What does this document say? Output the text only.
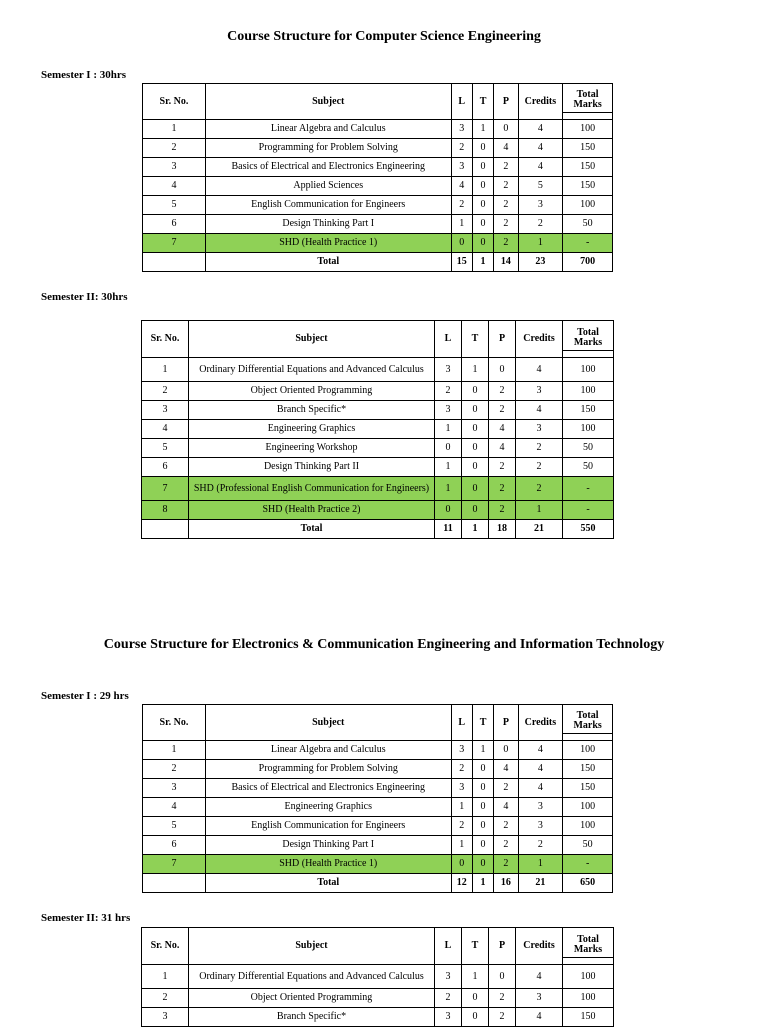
Course Structure for Computer Science Engineering
Semester I : 30hrs
Sr. No.	Subject	L	T	P	Credits	Total
Marks

1	Linear Algebra and Calculus	3	1	0	4	100
2	Programming for Problem Solving	2	0	4	4	150
3	Basics of Electrical and Electronics Engineering	3	0	2	4	150
4	Applied Sciences	4	0	2	5	150
5	English Communication for Engineers	2	0	2	3	100
6	Design Thinking Part I	1	0	2	2	50
7	SHD (Health Practice 1)	0	0	2	1	-
	Total	15	1	14	23	700
Semester II: 30hrs
Sr. No.	Subject	L	T	P	Credits	Total
Marks

1	Ordinary Differential Equations and Advanced Calculus	3	1	0	4	100
2	Object Oriented Programming	2	0	2	3	100
3	Branch Specific*	3	0	2	4	150
4	Engineering Graphics	1	0	4	3	100
5	Engineering Workshop	0	0	4	2	50
6	Design Thinking Part II	1	0	2	2	50
7	SHD (Professional English Communication for Engineers)	1	0	2	2	-
8	SHD (Health Practice 2)	0	0	2	1	-
	Total	11	1	18	21	550
Course Structure for Electronics & Communication Engineering and Information Technology
Semester I : 29 hrs
Sr. No.	Subject	L	T	P	Credits	Total
Marks

1	Linear Algebra and Calculus	3	1	0	4	100
2	Programming for Problem Solving	2	0	4	4	150
3	Basics of Electrical and Electronics Engineering	3	0	2	4	150
4	Engineering Graphics	1	0	4	3	100
5	English Communication for Engineers	2	0	2	3	100
6	Design Thinking Part I	1	0	2	2	50
7	SHD (Health Practice 1)	0	0	2	1	-
	Total	12	1	16	21	650
Semester II: 31 hrs
Sr. No.	Subject	L	T	P	Credits	Total
Marks

1	Ordinary Differential Equations and Advanced Calculus	3	1	0	4	100
2	Object Oriented Programming	2	0	2	3	100
3	Branch Specific*	3	0	2	4	150
